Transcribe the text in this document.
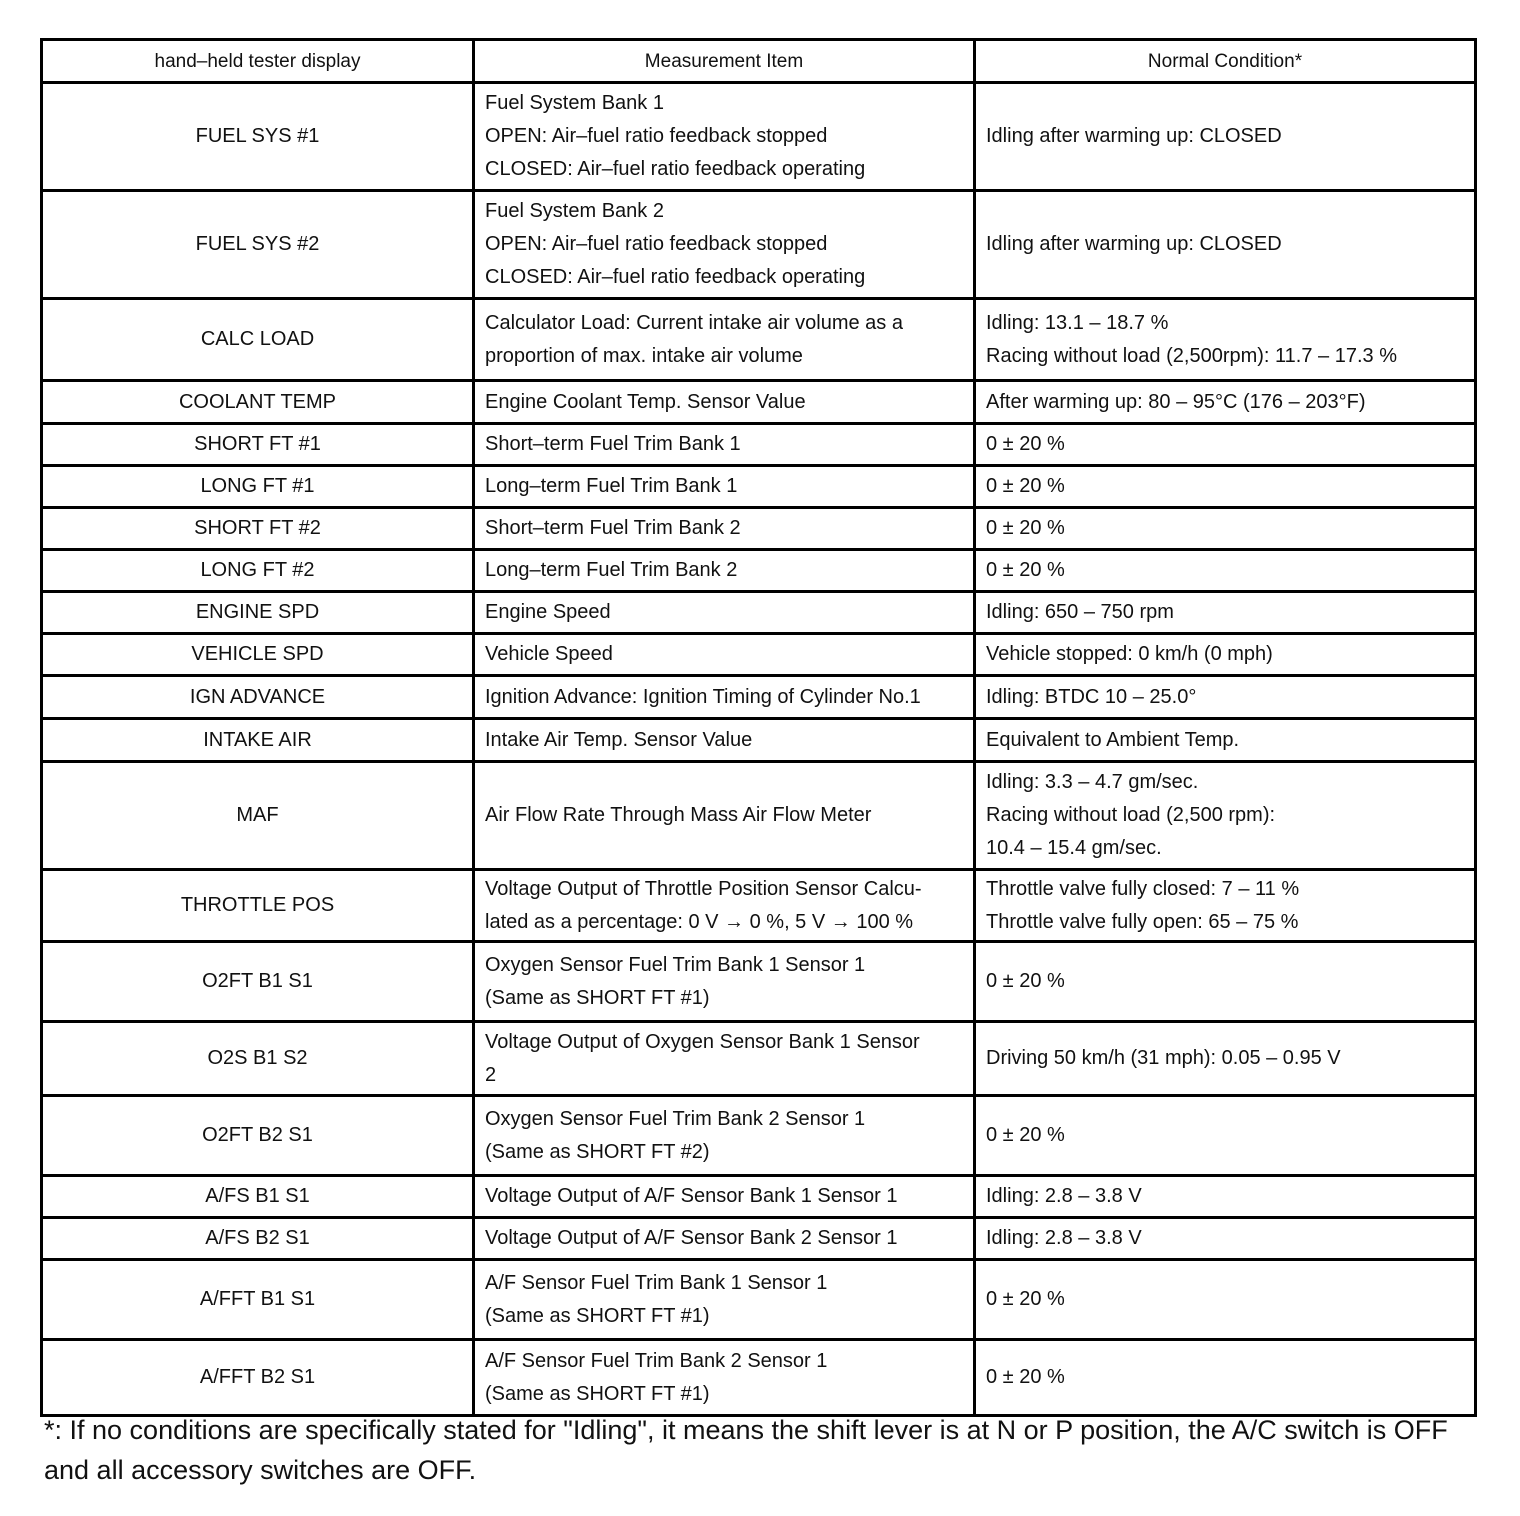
hand–held tester display	Measurement Item	Normal Condition*
FUEL SYS #1	Fuel System Bank 1
OPEN: Air–fuel ratio feedback stopped
CLOSED: Air–fuel ratio feedback operating	Idling after warming up: CLOSED

FUEL SYS #2	Fuel System Bank 2
OPEN: Air–fuel ratio feedback stopped
CLOSED: Air–fuel ratio feedback operating	Idling after warming up: CLOSED

CALC LOAD	Calculator Load: Current intake air volume as a
proportion of max. intake air volume	Idling: 13.1 – 18.7 %
Racing without load (2,500rpm): 11.7 – 17.3 %

COOLANT TEMP	Engine Coolant Temp. Sensor Value	After warming up: 80 – 95°C (176 – 203°F)

SHORT FT #1	Short–term Fuel Trim Bank 1	0 ± 20 %

LONG FT #1	Long–term Fuel Trim Bank 1	0 ± 20 %

SHORT FT #2	Short–term Fuel Trim Bank 2	0 ± 20 %

LONG FT #2	Long–term Fuel Trim Bank 2	0 ± 20 %

ENGINE SPD	Engine Speed	Idling: 650 – 750 rpm

VEHICLE SPD	Vehicle Speed	Vehicle stopped: 0 km/h (0 mph)

IGN ADVANCE	Ignition Advance: Ignition Timing of Cylinder No.1	Idling: BTDC 10 – 25.0°

INTAKE AIR	Intake Air Temp. Sensor Value	Equivalent to Ambient Temp.

MAF	Air Flow Rate Through Mass Air Flow Meter	Idling: 3.3 – 4.7 gm/sec.
Racing without load (2,500 rpm):
10.4 – 15.4 gm/sec.

THROTTLE POS	Voltage Output of Throttle Position Sensor Calcu-
lated as a percentage: 0 V → 0 %, 5 V → 100 %	Throttle valve fully closed: 7 – 11 %
Throttle valve fully open: 65 – 75 %

O2FT B1 S1	Oxygen Sensor Fuel Trim Bank 1 Sensor 1
(Same as SHORT FT #1)	0 ± 20 %

O2S B1 S2	Voltage Output of Oxygen Sensor Bank 1 Sensor
2	Driving 50 km/h (31 mph): 0.05 – 0.95 V

O2FT B2 S1	Oxygen Sensor Fuel Trim Bank 2 Sensor 1
(Same as SHORT FT #2)	0 ± 20 %

A/FS B1 S1	Voltage Output of A/F Sensor Bank 1 Sensor 1	Idling: 2.8 – 3.8 V

A/FS B2 S1	Voltage Output of A/F Sensor Bank 2 Sensor 1	Idling: 2.8 – 3.8 V

A/FFT B1 S1	A/F Sensor Fuel Trim Bank 1 Sensor 1
(Same as SHORT FT #1)	0 ± 20 %

A/FFT B2 S1	A/F Sensor Fuel Trim Bank 2 Sensor 1
(Same as SHORT FT #1)	0 ± 20 %
*: If no conditions are specifically stated for "Idling", it means the shift lever is at N or P position, the A/C switch is OFF and all accessory switches are OFF.
